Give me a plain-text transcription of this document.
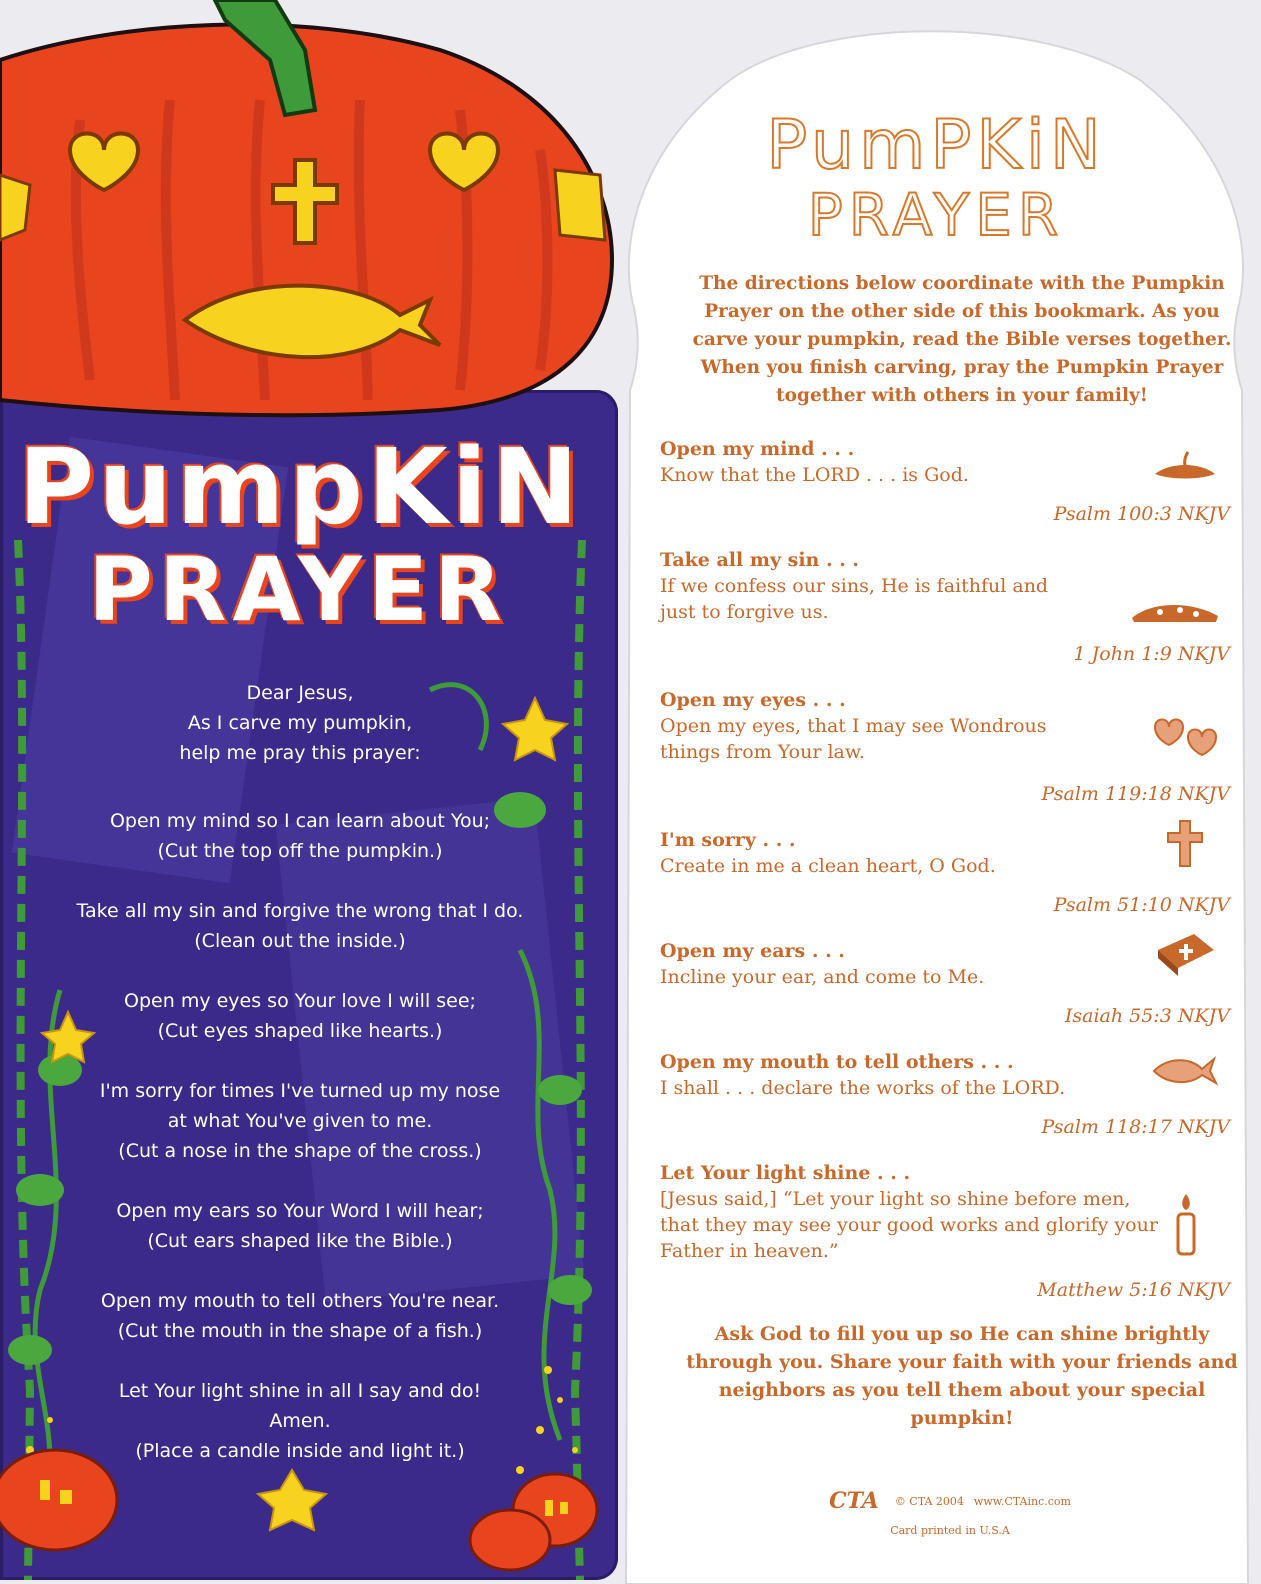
PumpKiN
PRAYER
Dear Jesus,
As I carve my pumpkin,
help me pray this prayer:
Open my mind so I can learn about You;
(Cut the top off the pumpkin.)
Take all my sin and forgive the wrong that I do.
(Clean out the inside.)
Open my eyes so Your love I will see;
(Cut eyes shaped like hearts.)
I'm sorry for times I've turned up my nose
at what You've given to me.
(Cut a nose in the shape of the cross.)
Open my ears so Your Word I will hear;
(Cut ears shaped like the Bible.)
Open my mouth to tell others You're near.
(Cut the mouth in the shape of a fish.)
Let Your light shine in all I say and do!
Amen.
(Place a candle inside and light it.)
PumPKiN
PRAYER
The directions below coordinate with the Pumpkin Prayer on the other side of this bookmark. As you carve your pumpkin, read the Bible verses together. When you finish carving, pray the Pumpkin Prayer together with others in your family!
Open my mind . . .
Know that the LORD . . . is God.
Psalm 100:3 NKJV
Take all my sin . . .
If we confess our sins, He is faithful and just to forgive us.
1 John 1:9 NKJV
Open my eyes . . .
Open my eyes, that I may see Wondrous things from Your law.
Psalm 119:18 NKJV
I'm sorry . . .
Create in me a clean heart, O God.
Psalm 51:10 NKJV
Open my ears . . .
Incline your ear, and come to Me.
Isaiah 55:3 NKJV
Open my mouth to tell others . . .
I shall . . . declare the works of the LORD.
Psalm 118:17 NKJV
Let Your light shine . . .
[Jesus said,] “Let your light so shine before men, that they may see your good works and glorify your Father in heaven.”
Matthew 5:16 NKJV
Ask God to fill you up so He can shine brightly through you. Share your faith with your friends and neighbors as you tell them about your special pumpkin!
CTA © CTA 2004 www.CTAinc.com
Card printed in U.S.A
